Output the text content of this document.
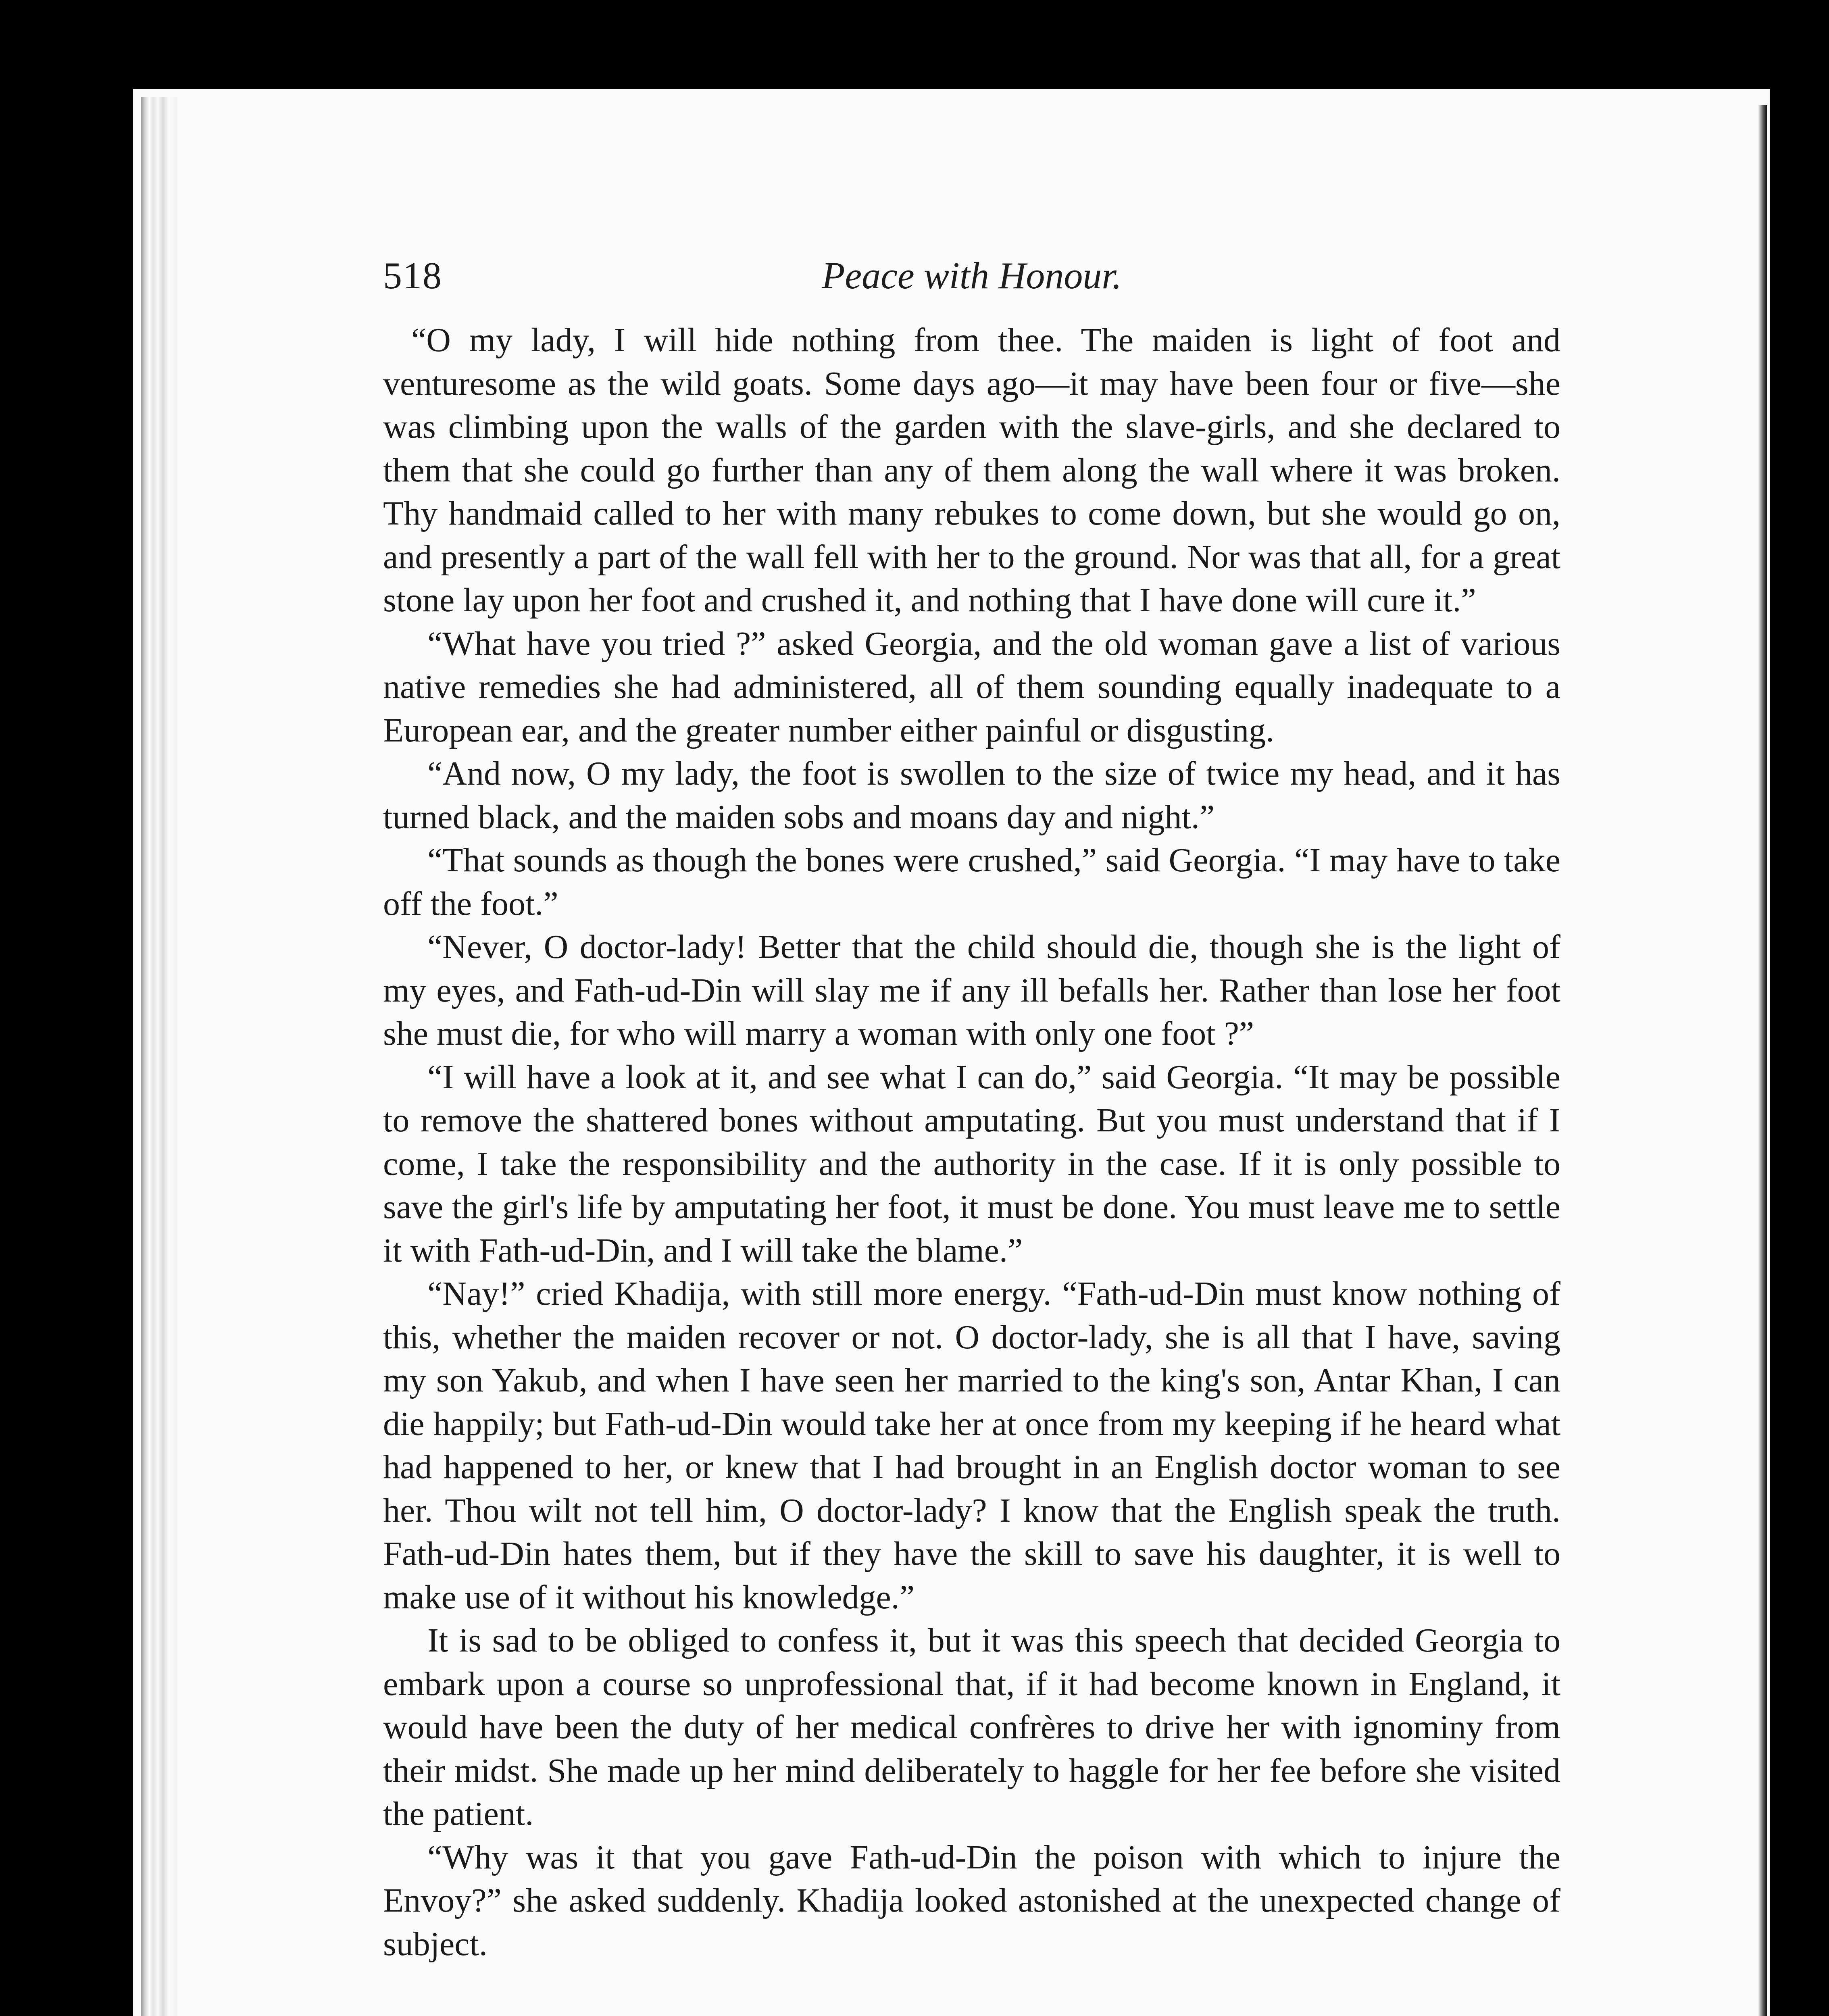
518	Peace with Honour.

“O my lady, I will hide nothing from thee. The maiden is light of foot and venturesome as the wild goats. Some days ago—it may have been four or five—she was climbing upon the walls of the garden with the slave-girls, and she declared to them that she could go further than any of them along the wall where it was broken. Thy handmaid called to her with many rebukes to come down, but she would go on, and presently a part of the wall fell with her to the ground. Nor was that all, for a great stone lay upon her foot and crushed it, and nothing that I have done will cure it.”

“What have you tried ?” asked Georgia, and the old woman gave a list of various native remedies she had administered, all of them sounding equally inadequate to a European ear, and the greater number either painful or disgusting.

“And now, O my lady, the foot is swollen to the size of twice my head, and it has turned black, and the maiden sobs and moans day and night.”

“That sounds as though the bones were crushed,” said Georgia. “I may have to take off the foot.”

“Never, O doctor-lady! Better that the child should die, though she is the light of my eyes, and Fath-ud-Din will slay me if any ill befalls her. Rather than lose her foot she must die, for who will marry a woman with only one foot ?”

“I will have a look at it, and see what I can do,” said Georgia. “It may be possible to remove the shattered bones without amputating. But you must understand that if I come, I take the responsibility and the authority in the case. If it is only possible to save the girl's life by amputating her foot, it must be done. You must leave me to settle it with Fath-ud-Din, and I will take the blame.”

“Nay!” cried Khadija, with still more energy. “Fath-ud-Din must know nothing of this, whether the maiden recover or not. O doctor-lady, she is all that I have, saving my son Yakub, and when I have seen her married to the king's son, Antar Khan, I can die happily; but Fath-ud-Din would take her at once from my keeping if he heard what had happened to her, or knew that I had brought in an English doctor woman to see her. Thou wilt not tell him, O doctor-lady? I know that the English speak the truth. Fath-ud-Din hates them, but if they have the skill to save his daughter, it is well to make use of it without his knowledge.”

It is sad to be obliged to confess it, but it was this speech that decided Georgia to embark upon a course so unprofessional that, if it had become known in England, it would have been the duty of her medical confrères to drive her with ignominy from their midst. She made up her mind deliberately to haggle for her fee before she visited the patient.

“Why was it that you gave Fath-ud-Din the poison with which to injure the Envoy?” she asked suddenly. Khadija looked astonished at the unexpected change of subject.
